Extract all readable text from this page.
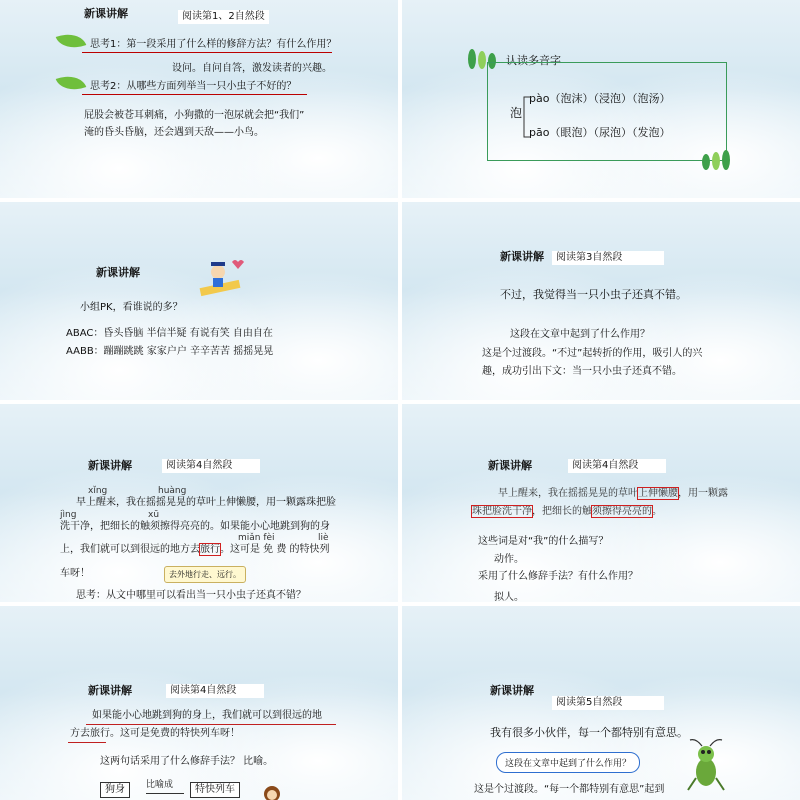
新课讲解	阅读第1、2自然段
思考1：第一段采用了什么样的修辞方法？有什么作用？
设问。自问自答，激发读者的兴趣。
思考2：从哪些方面列举当一只小虫子不好的？
屁股会被苍耳刺痛，小狗撒的一泡尿就会把“我们”
淹的昏头昏脑，还会遇到天敌——小鸟。
认读多音字
泡
pào（泡沫）（浸泡）（泡汤）
pāo（眼泡）（尿泡）（发泡）
新课讲解
小组PK，看谁说的多？
ABAC：昏头昏脑 半信半疑 有说有笑 自由自在
AABB：蹦蹦跳跳 家家户户 辛辛苦苦 摇摇晃晃
新课讲解	阅读第3自然段
不过，我觉得当一只小虫子还真不错。
这段在文章中起到了什么作用？
这是个过渡段。“不过”起转折的作用，吸引人的兴
趣，成功引出下文：当一只小虫子还真不错。
新课讲解	阅读第4自然段
xǐng	huàng
早上醒来，我在摇摇晃晃的草叶上伸懒腰，用一颗露珠把脸
jìng	xū
洗干净，把细长的触须擦得亮亮的。如果能小心地跳到狗的身
miǎn fèi	liè
上，我们就可以到很远的地方去旅行。这可是 免 费 的特快列
车呀！	去外地行走、远行。
思考：从文中哪里可以看出当一只小虫子还真不错？
新课讲解	阅读第4自然段
早上醒来，我在摇摇晃晃的草叶上伸懒腰，用一颗露
珠把脸洗干净，把细长的触须擦得亮亮的。
这些词是对“我”的什么描写？
动作。
采用了什么修辞手法？有什么作用？
拟人。
新课讲解	阅读第4自然段
如果能小心地跳到狗的身上，我们就可以到很远的地
方去旅行。这可是免费的特快列车呀！
这两句话采用了什么修辞手法？ 比喻。
狗身	比喻成	特快列车
新课讲解
阅读第5自然段
我有很多小伙伴，每一个都特别有意思。
这段在文章中起到了什么作用？
这是个过渡段。“每一个都特别有意思”起到
